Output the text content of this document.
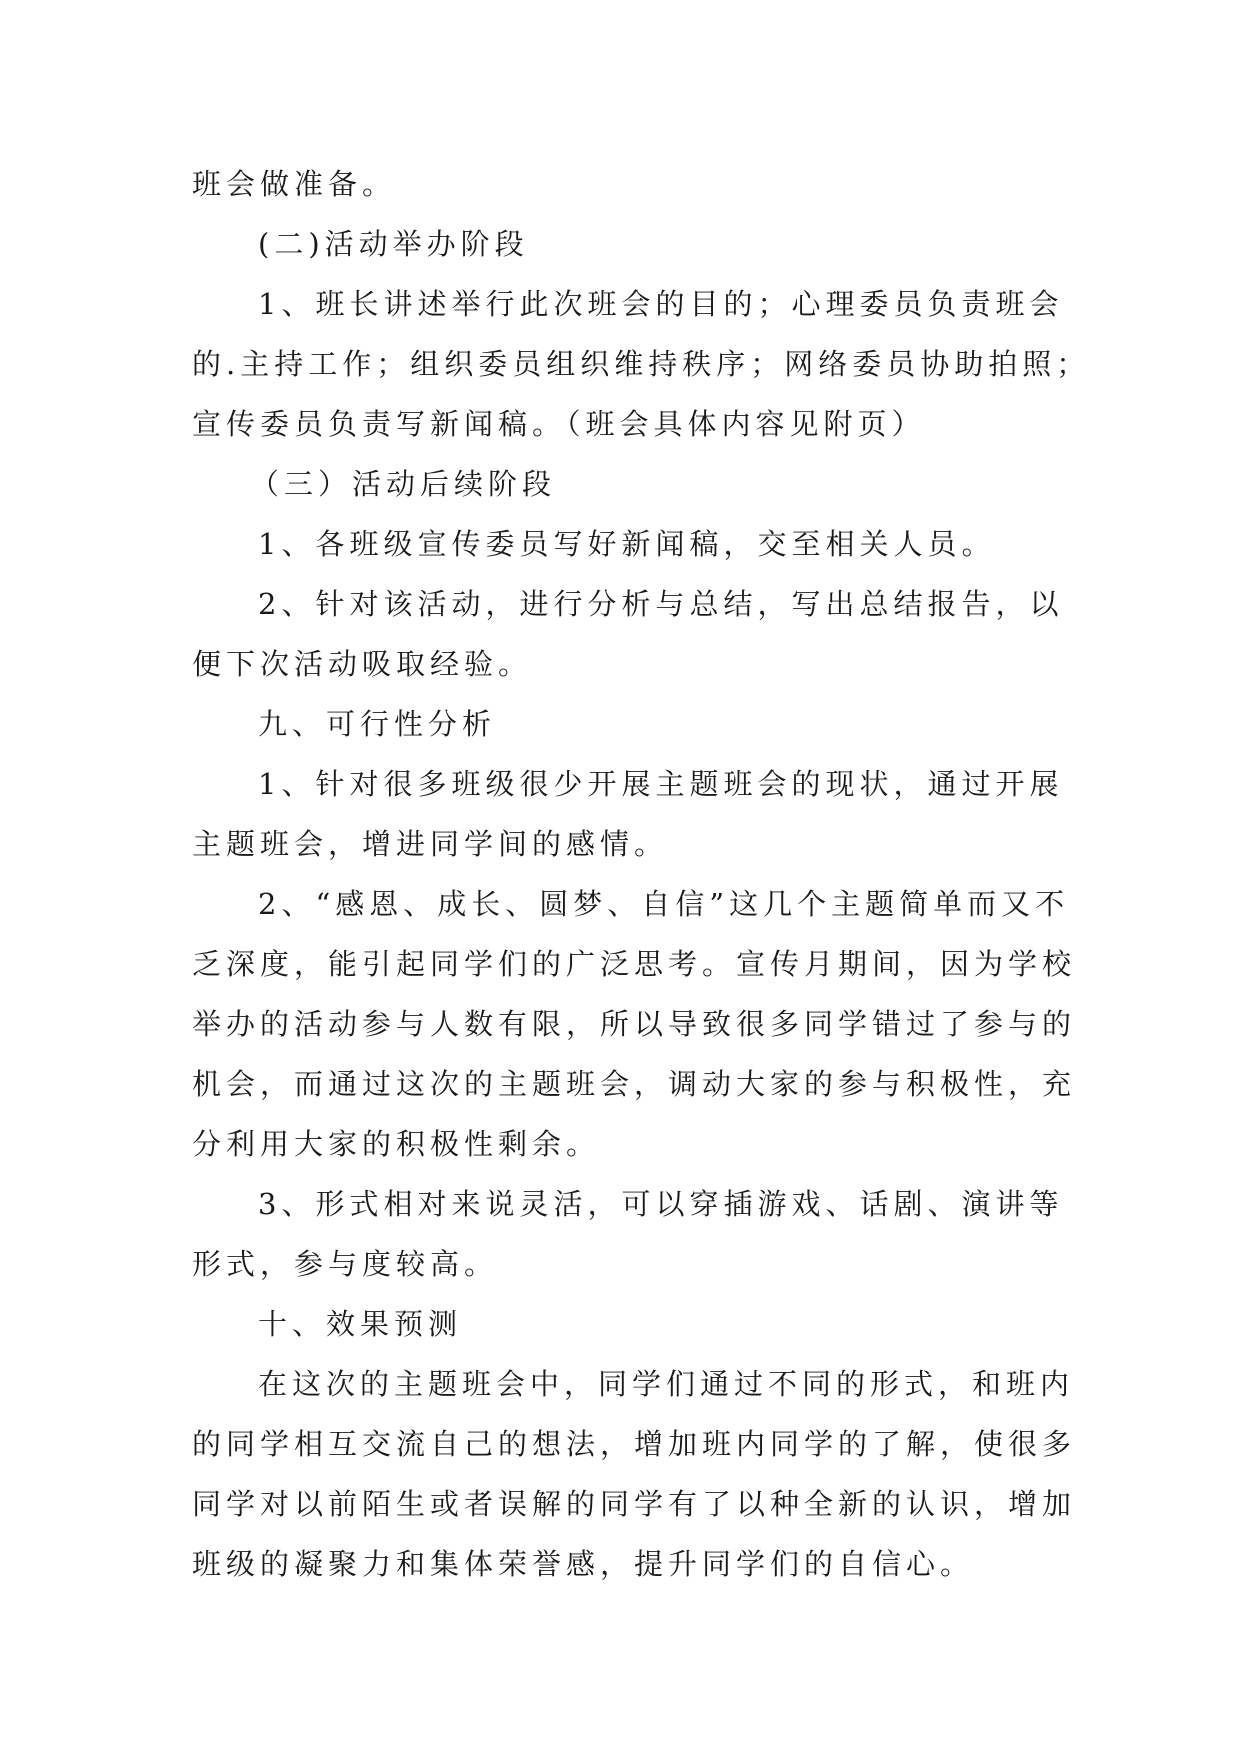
班会做准备。
(二)活动举办阶段
1、班长讲述举行此次班会的目的；心理委员负责班会
的.主持工作；组织委员组织维持秩序；网络委员协助拍照；
宣传委员负责写新闻稿。（班会具体内容见附页）
（三）活动后续阶段
1、各班级宣传委员写好新闻稿，交至相关人员。
2、针对该活动，进行分析与总结，写出总结报告，以
便下次活动吸取经验。
九、可行性分析
1、针对很多班级很少开展主题班会的现状，通过开展
主题班会，增进同学间的感情。
2、“感恩、成长、圆梦、自信”这几个主题简单而又不
乏深度，能引起同学们的广泛思考。宣传月期间，因为学校
举办的活动参与人数有限，所以导致很多同学错过了参与的
机会，而通过这次的主题班会，调动大家的参与积极性，充
分利用大家的积极性剩余。
3、形式相对来说灵活，可以穿插游戏、话剧、演讲等
形式，参与度较高。
十、效果预测
在这次的主题班会中，同学们通过不同的形式，和班内
的同学相互交流自己的想法，增加班内同学的了解，使很多
同学对以前陌生或者误解的同学有了以种全新的认识，增加
班级的凝聚力和集体荣誉感，提升同学们的自信心。
